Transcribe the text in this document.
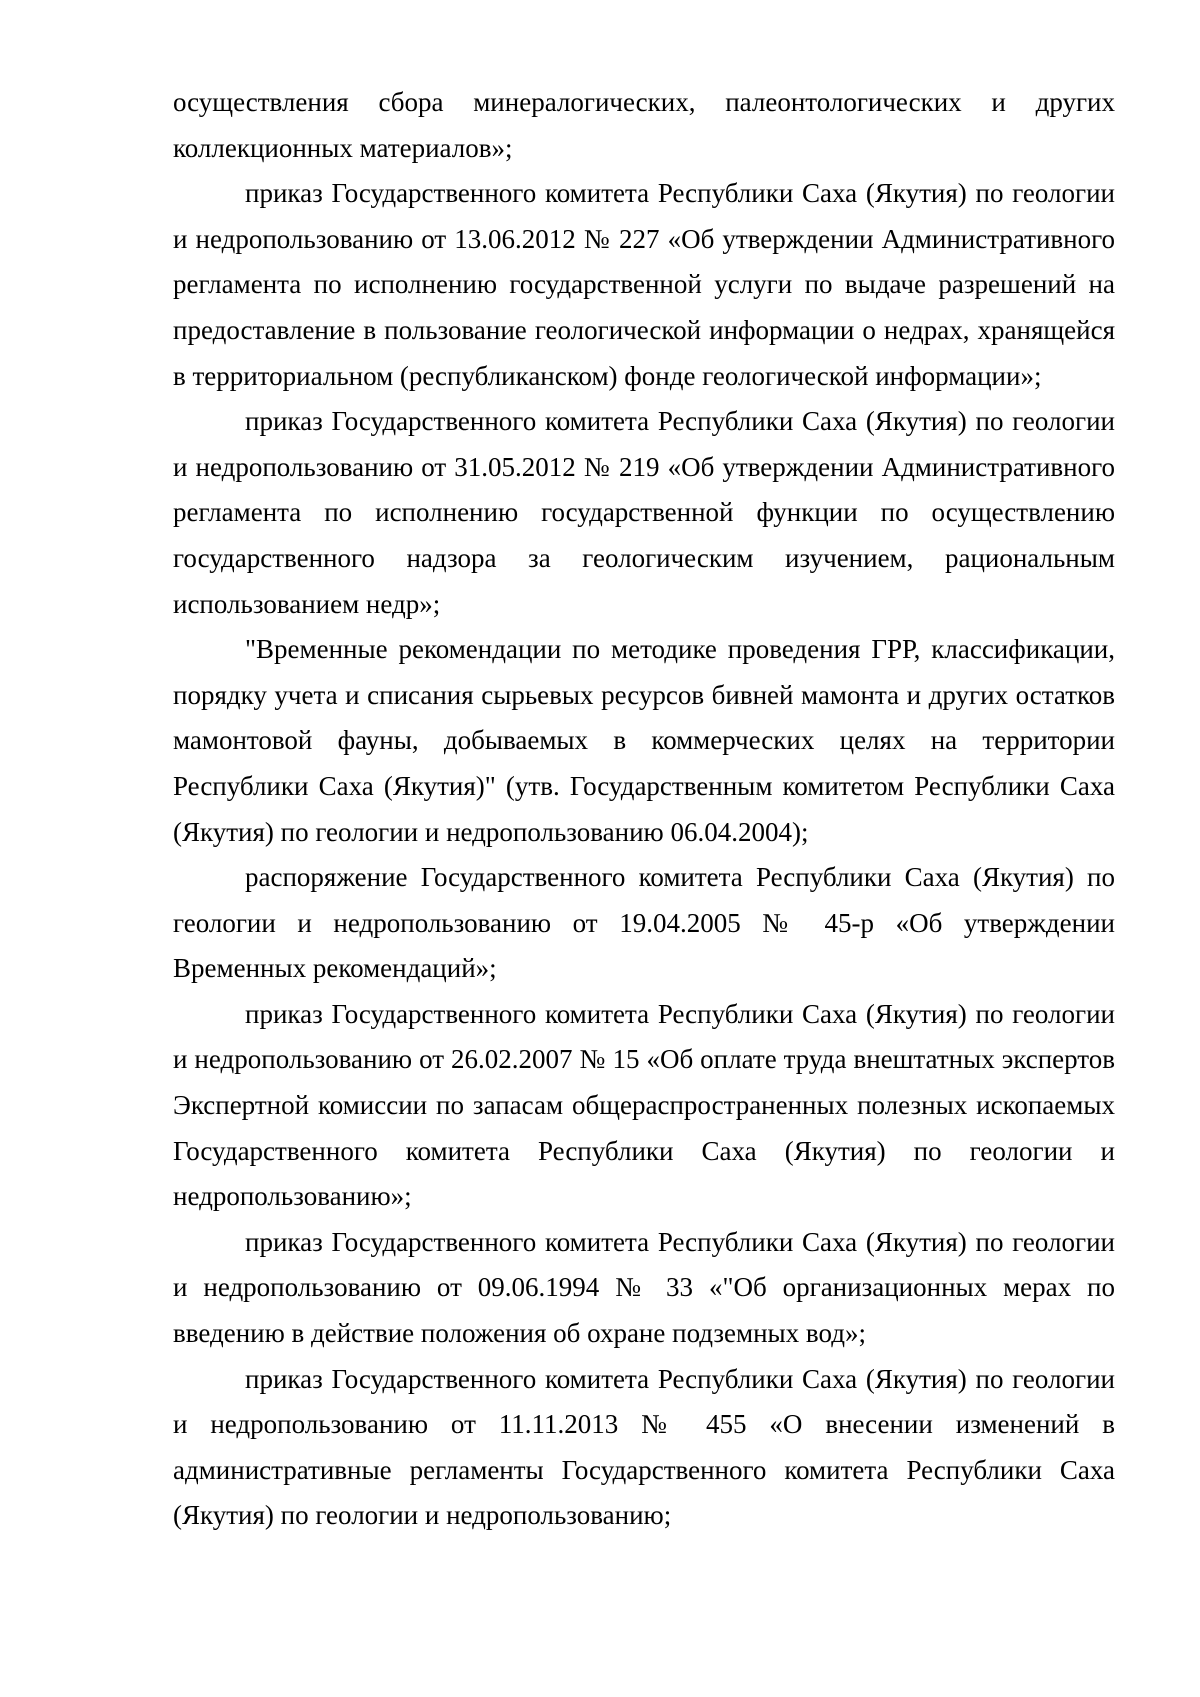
осуществления сбора минералогических, палеонтологических и других коллекционных материалов»;

приказ Государственного комитета Республики Саха (Якутия) по геологии и недропользованию от 13.06.2012 № 227 «Об утверждении Административного регламента по исполнению государственной услуги по выдаче разрешений на предоставление в пользование геологической информации о недрах, хранящейся в территориальном (республиканском) фонде геологической информации»;

приказ Государственного комитета Республики Саха (Якутия) по геологии и недропользованию от 31.05.2012 № 219 «Об утверждении Административного регламента по исполнению государственной функции по осуществлению государственного надзора за геологическим изучением, рациональным использованием недр»;

"Временные рекомендации по методике проведения ГРР, классификации, порядку учета и списания сырьевых ресурсов бивней мамонта и других остатков мамонтовой фауны, добываемых в коммерческих целях на территории Республики Саха (Якутия)" (утв. Государственным комитетом Республики Саха (Якутия) по геологии и недропользованию 06.04.2004);

распоряжение Государственного комитета Республики Саха (Якутия) по геологии и недропользованию от 19.04.2005 № 45-р «Об утверждении Временных рекомендаций»;

приказ Государственного комитета Республики Саха (Якутия) по геологии и недропользованию от 26.02.2007 № 15 «Об оплате труда внештатных экспертов Экспертной комиссии по запасам общераспространенных полезных ископаемых Государственного комитета Республики Саха (Якутия) по геологии и недропользованию»;

приказ Государственного комитета Республики Саха (Якутия) по геологии и недропользованию от 09.06.1994 № 33 «"Об организационных мерах по введению в действие положения об охране подземных вод»;

приказ Государственного комитета Республики Саха (Якутия) по геологии и недропользованию от 11.11.2013 № 455 «О внесении изменений в административные регламенты Государственного комитета Республики Саха (Якутия) по геологии и недропользованию;
